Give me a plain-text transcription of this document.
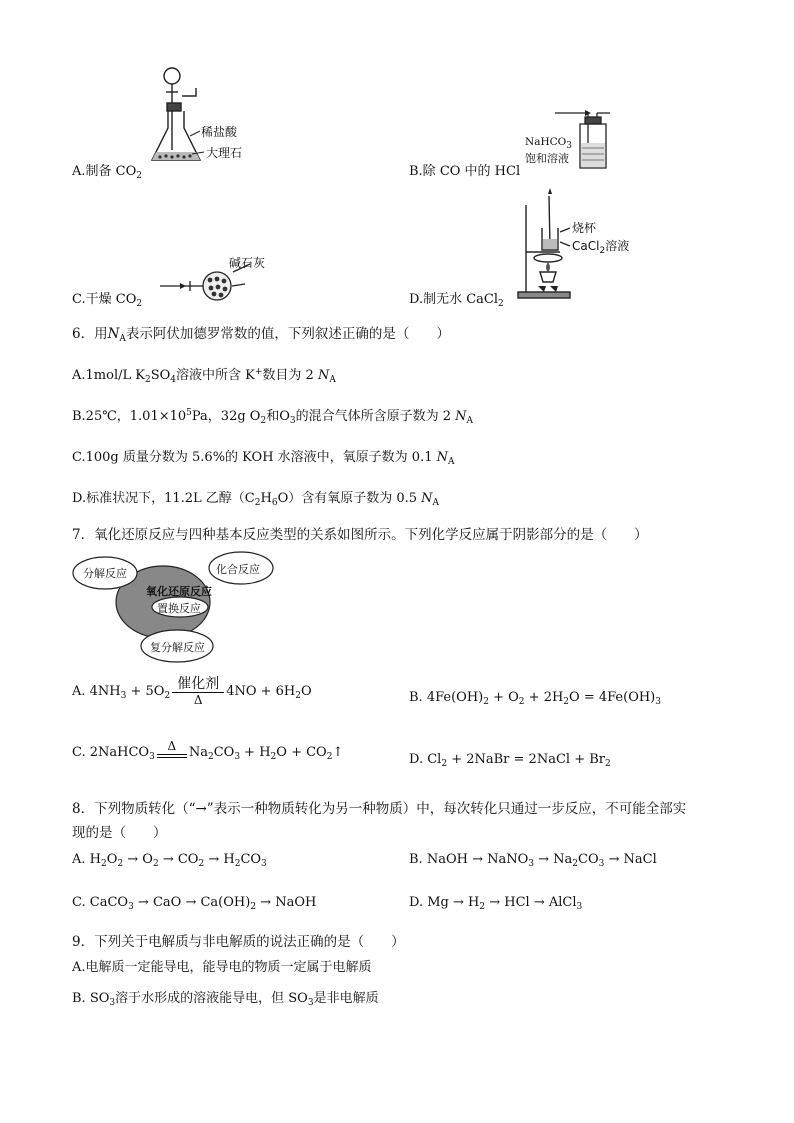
稀盐酸
大理石
NaHCO$_3$
饱和溶液
碱石灰
烧杯
CaCl$_2$溶液
A.制备 $CO_2$	B.除 CO 中的 HCl
C.干燥 $CO_2$	D.制无水 CaCl$_2$
6．用$N_A$表示阿伏加德罗常数的值，下列叙述正确的是（　　）
A.1mol/L $K_2SO_4$溶液中所含 K+数目为 2 $N_A$
B.25℃，$1.01\times 10^5Pa$，32g $O_2$和$O_3$的混合气体所含原子数为 2 $N_A$
C.100g 质量分数为 5.6%的 KOH 水溶液中，氧原子数为 0.1 $N_A$
D.标准状况下，11.2L 乙醇$(C_2H_6O)$含有氧原子数为 0.5 $N_A$
7．氧化还原反应与四种基本反应类型的关系如图所示。下列化学反应属于阴影部分的是（　　）
分解反应	化合反应
氧化还原反应
置换反应
复分解反应
A. $4NH_3 + 5O_2 \frac{\text{催化剂}}{\Delta} 4NO + 6H_2O$	B. $4Fe(OH)_2 + O_2 + 2H_2O = 4Fe(OH)_3$
C. 2NaHCO$_3$
Δ $Na_2CO_3 + H_2O$ + $CO_2↑$	D. $Cl_2$ + 2NaBr = 2NaCl + $Br_2$
8．下列物质转化（“→”表示一种物质转化为另一种物质）中，每次转化只通过一步反应，不可能全部实
现的是（　　）
A. $H_2O_2 \to O_2 \to CO_2 \to H_2CO_3$	B. NaOH → NaNO$_3$ → $Na_2CO_3$ → NaCl
C. CaCO$_3$ → CaO → $Ca(OH)_2$ → NaOH	D. $Mg \to H_2$ → HCl → AlCl$_3$
9．下列关于电解质与非电解质的说法正确的是（　　）
A.电解质一定能导电，能导电的物质一定属于电解质
B. $SO_3$溶于水形成的溶液能导电，但 $SO_3$是非电解质
